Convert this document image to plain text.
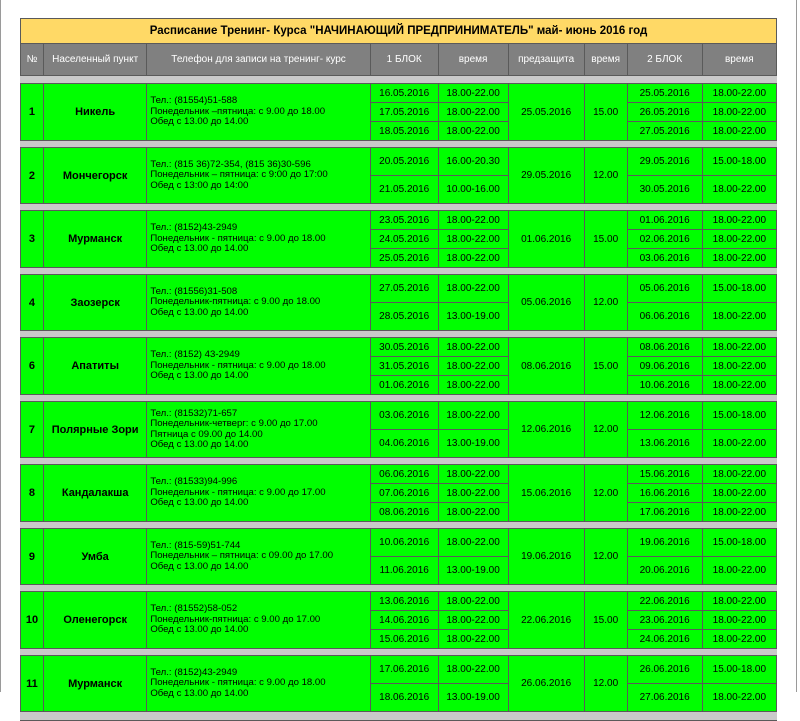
Расписание Тренинг- Курса "НАЧИНАЮЩИЙ ПРЕДПРИНИМАТЕЛЬ" май- июнь 2016 год								
№	Населенный пункт	Телефон для записи на тренинг- курс	1 БЛОК	время	предзащита	время	2 БЛОК	время

1	Никель	Тел.: (81554)51-588
Понедельник –пятница: с 9.00 до 18.00
Обед с 13.00 до 14.00	16.05.2016	18.00-22.00	25.05.2016	15.00	25.05.2016	18.00-22.00
			17.05.2016	18.00-22.00			26.05.2016	18.00-22.00
			18.05.2016	18.00-22.00			27.05.2016	18.00-22.00

2	Мончегорск	Тел.: (815 36)72-354, (815 36)30-596
Понедельник – пятница: с 9:00 до 17:00
Обед с 13:00 до 14:00	20.05.2016	16.00-20.30	29.05.2016	12.00	29.05.2016	15.00-18.00
			21.05.2016	10.00-16.00			30.05.2016	18.00-22.00

3	Мурманск	Тел.: (8152)43-2949
Понедельник - пятница: с 9.00 до 18.00
Обед с 13.00 до 14.00	23.05.2016	18.00-22.00	01.06.2016	15.00	01.06.2016	18.00-22.00
			24.05.2016	18.00-22.00			02.06.2016	18.00-22.00
			25.05.2016	18.00-22.00			03.06.2016	18.00-22.00

4	Заозерск	Тел.: (81556)31-508
Понедельник-пятница: с 9.00 до 18.00
Обед с 13.00 до 14.00	27.05.2016	18.00-22.00	05.06.2016	12.00	05.06.2016	15.00-18.00
			28.05.2016	13.00-19.00			06.06.2016	18.00-22.00

6	Апатиты	Тел.: (8152) 43-2949
Понедельник - пятница: с 9.00 до 18.00
Обед с 13.00 до 14.00	30.05.2016	18.00-22.00	08.06.2016	15.00	08.06.2016	18.00-22.00
			31.05.2016	18.00-22.00			09.06.2016	18.00-22.00
			01.06.2016	18.00-22.00			10.06.2016	18.00-22.00

7	Полярные Зори	Тел.: (81532)71-657
Понедельник-четверг: с 9.00 до 17.00
Пятница с 09.00 до 14.00
Обед с 13.00 до 14.00	03.06.2016	18.00-22.00	12.06.2016	12.00	12.06.2016	15.00-18.00
			04.06.2016	13.00-19.00			13.06.2016	18.00-22.00

8	Кандалакша	Тел.: (81533)94-996
Понедельник - пятница: с 9.00 до 17.00
Обед с 13.00 до 14.00	06.06.2016	18.00-22.00	15.06.2016	12.00	15.06.2016	18.00-22.00
			07.06.2016	18.00-22.00			16.06.2016	18.00-22.00
			08.06.2016	18.00-22.00			17.06.2016	18.00-22.00

9	Умба	Тел.: (815-59)51-744
Понедельник – пятница: с 09.00 до 17.00
Обед с 13.00 до 14.00	10.06.2016	18.00-22.00	19.06.2016	12.00	19.06.2016	15.00-18.00
			11.06.2016	13.00-19.00			20.06.2016	18.00-22.00

10	Оленегорск	Тел.: (81552)58-052
Понедельник-пятница: с 9.00 до 17.00
Обед с 13.00 до 14.00	13.06.2016	18.00-22.00	22.06.2016	15.00	22.06.2016	18.00-22.00
			14.06.2016	18.00-22.00			23.06.2016	18.00-22.00
			15.06.2016	18.00-22.00			24.06.2016	18.00-22.00

11	Мурманск	Тел.: (8152)43-2949
Понедельник - пятница: с 9.00 до 18.00
Обед с 13.00 до 14.00	17.06.2016	18.00-22.00	26.06.2016	12.00	26.06.2016	15.00-18.00
			18.06.2016	13.00-19.00			27.06.2016	18.00-22.00
